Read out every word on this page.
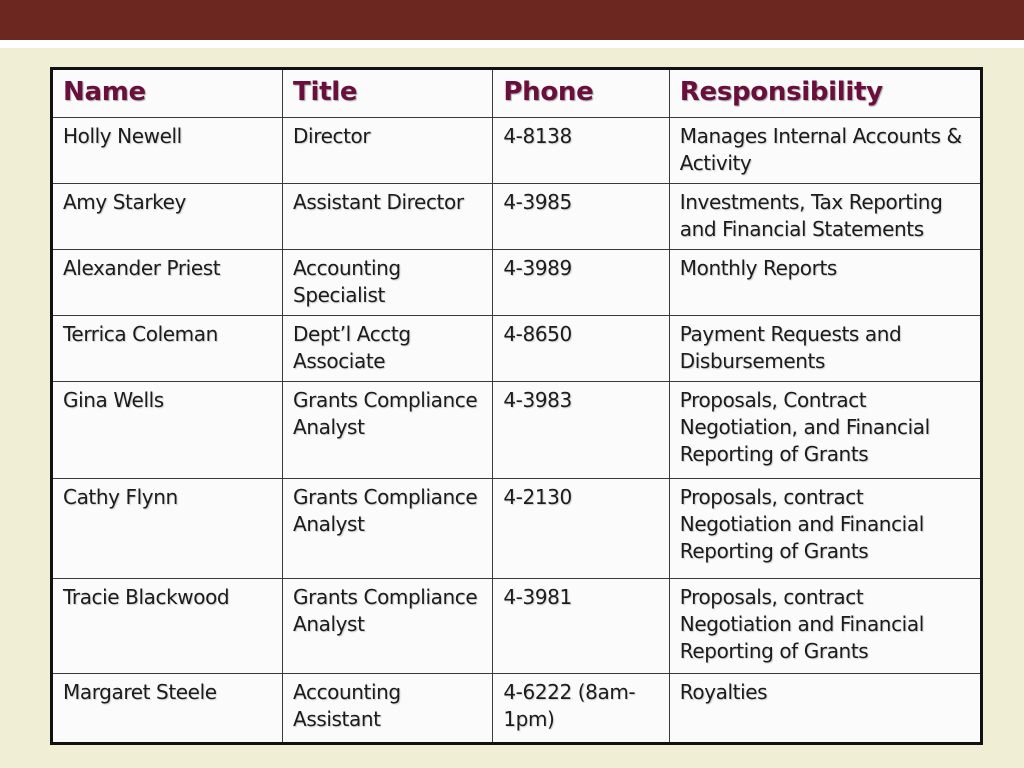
Name	Title	Phone	Responsibility
Holly Newell	Director	4-8138	Manages Internal Accounts & Activity
Amy Starkey	Assistant Director	4-3985	Investments, Tax Reporting and Financial Statements
Alexander Priest	Accounting Specialist	4-3989	Monthly Reports
Terrica Coleman	Dept’l Acctg Associate	4-8650	Payment Requests and Disbursements
Gina Wells	Grants Compliance Analyst	4-3983	Proposals, Contract Negotiation, and Financial Reporting of Grants
Cathy Flynn	Grants Compliance Analyst	4-2130	Proposals, contract Negotiation and Financial Reporting of Grants
Tracie Blackwood	Grants Compliance Analyst	4-3981	Proposals, contract Negotiation and Financial Reporting of Grants
Margaret Steele	Accounting Assistant	4-6222 (8am-1pm)	Royalties
